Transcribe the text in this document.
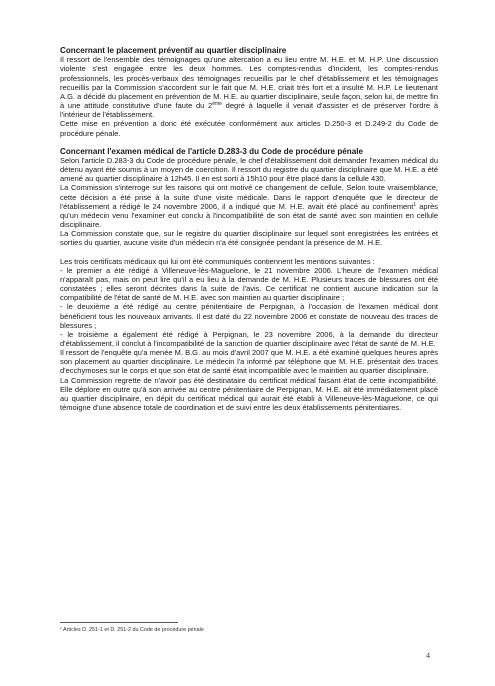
Concernant le placement préventif au quartier disciplinaire

Il ressort de l'ensemble des témoignages qu'une altercation a eu lieu entre M. H.E. et M. H.P. Une discussion violente s'est engagée entre les deux hommes. Les comptes-rendus d'incident, les comptes-rendus professionnels, les procès-verbaux des témoignages recueillis par le chef d'établissement et les témoignages recueillis par la Commission s'accordent sur le fait que M. H.E. criait très fort et a insulté M. H.P. Le lieutenant A.G. a décidé du placement en prévention de M. H.E. au quartier disciplinaire, seule façon, selon lui, de mettre fin à une attitude constitutive d'une faute du 2ème degré à laquelle il venait d'assister et de préserver l'ordre à l'intérieur de l'établissement.

Cette mise en prévention a donc été exécutée conformément aux articles D.250-3 et D.249-2 du Code de procédure pénale.

Concernant l'examen médical de l'article D.283-3 du Code de procédure pénale

Selon l'article D.283-3 du Code de procédure pénale, le chef d'établissement doit demander l'examen médical du détenu ayant été soumis à un moyen de coercition. Il ressort du registre du quartier disciplinaire que M. H.E. a été amené au quartier disciplinaire à 12h45. Il en est sorti à 15h10 pour être placé dans la cellule 430.

La Commission s'interroge sur les raisons qui ont motivé ce changement de cellule. Selon toute vraisemblance, cette décision a été prise à la suite d'une visite médicale. Dans le rapport d'enquête que le directeur de l'établissement a rédigé le 24 novembre 2006, il a indiqué que M. H.E. avait été placé au confinement$^1$ après qu'un médecin venu l'examiner eut conclu à l'incompatibilité de son état de santé avec son maintien en cellule disciplinaire.

La Commission constate que, sur le registre du quartier disciplinaire sur lequel sont enregistrées les entrées et sorties du quartier, aucune visite d'un médecin n'a été consignée pendant la présence de M. H.E.

Les trois certificats médicaux qui lui ont été communiqués contiennent les mentions suivantes :

- le premier a été rédigé à Villeneuve-lès-Maguelone, le 21 novembre 2006. L'heure de l'examen médical n'apparaît pas, mais on peut lire qu'il a eu lieu à la demande de M. H.E. Plusieurs traces de blessures ont été constatées ; elles seront décrites dans la suite de l'avis. Ce certificat ne contient aucune indication sur la compatibilité de l'état de santé de M. H.E. avec son maintien au quartier disciplinaire ;

- le deuxième a été rédigé au centre pénitentiaire de Perpignan, à l'occasion de l'examen médical dont bénéficient tous les nouveaux arrivants. Il est daté du 22 novembre 2006 et constate de nouveau des traces de blessures ;

- le troisième a également été rédigé à Perpignan, le 23 novembre 2006, à la demande du directeur d'établissement, il conclut à l'incompatibilité de la sanction de quartier disciplinaire avec l'état de santé de M. H.E.

Il ressort de l'enquête qu'a menée M. B.G. au mois d'avril 2007 que M. H.E. a été examiné quelques heures après son placement au quartier disciplinaire. Le médecin l'a informé par téléphone que M. H.E. présentait des traces d'ecchymoses sur le corps et que son état de santé était incompatible avec le maintien au quartier disciplinaire.

La Commission regrette de n'avoir pas été destinataire du certificat médical faisant état de cette incompatibilité. Elle déplore en outre qu'à son arrivée au centre pénitentiaire de Perpignan, M. H.E. ait été immédiatement placé au quartier disciplinaire, en dépit du certificat médical qui aurait été établi à Villeneuve-lès-Maguelone, ce qui témoigne d'une absence totale de coordination et de suivi entre les deux établissements pénitentiaires.

¹ Articles D. 251-1 et D. 251-2 du Code de procédure pénale
4
